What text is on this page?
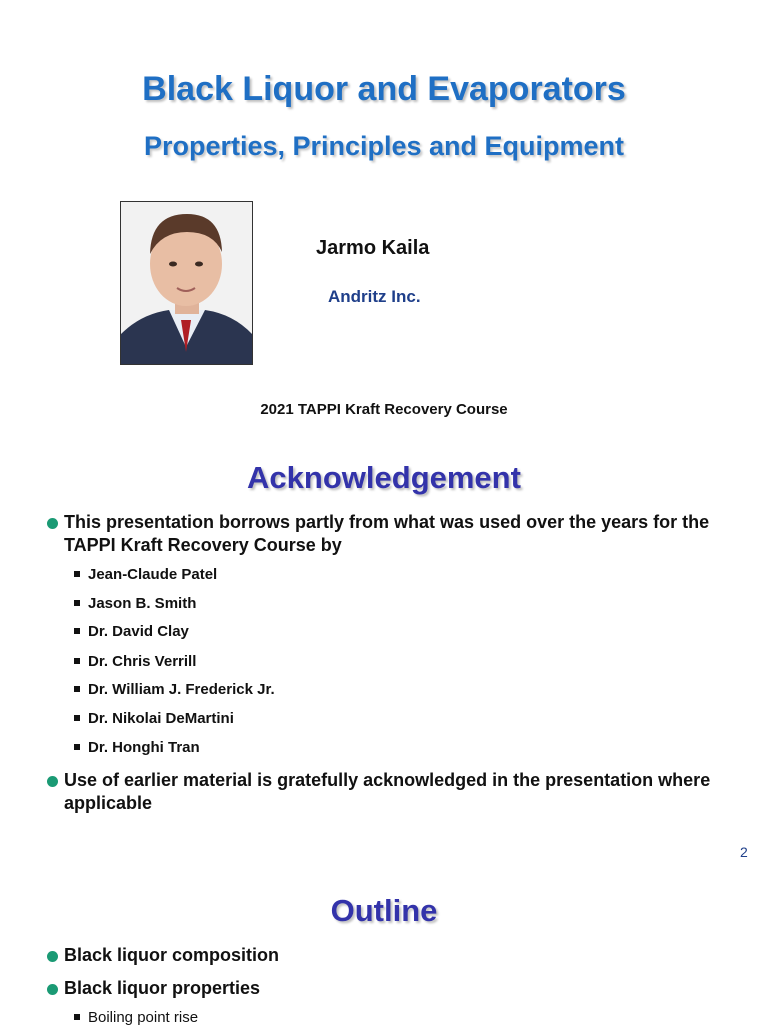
Black Liquor and Evaporators
Properties, Principles and Equipment
Jarmo Kaila
Andritz Inc.
2021 TAPPI Kraft Recovery Course
Acknowledgement
This presentation borrows partly from what was used over the years for the TAPPI Kraft Recovery Course by
Jean-Claude Patel
Jason B. Smith
Dr. David Clay
Dr. Chris Verrill
Dr. William J. Frederick Jr.
Dr. Nikolai DeMartini
Dr. Honghi Tran
Use of earlier material is gratefully acknowledged in the presentation where applicable
2
Outline
Black liquor composition
Black liquor properties
Boiling point rise
